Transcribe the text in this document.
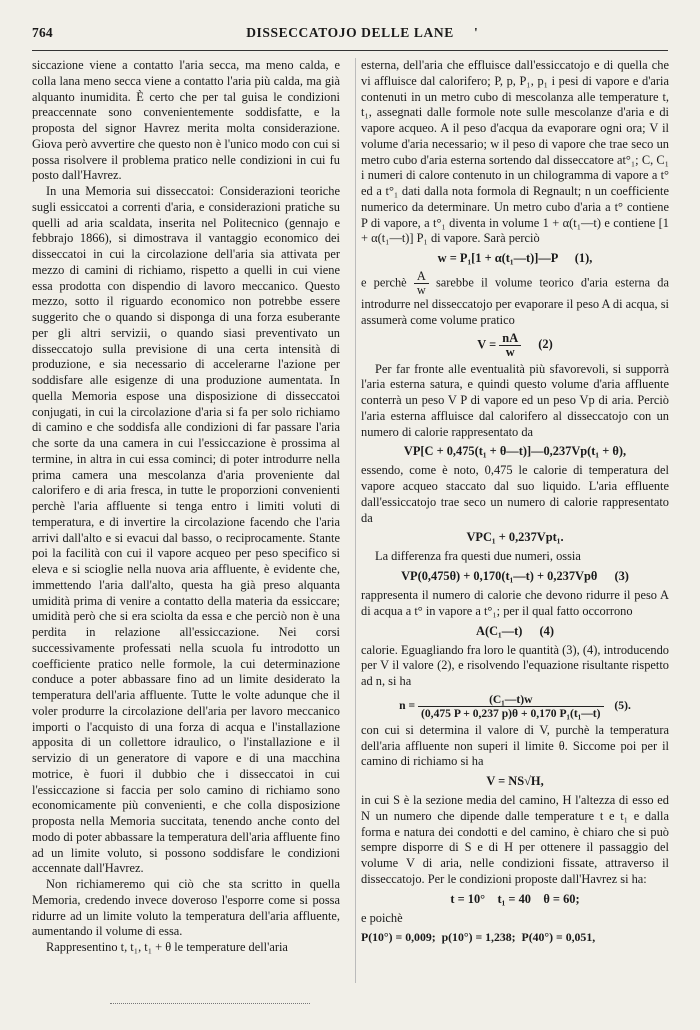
764	DISSECCATOJO DELLE LANE	'

siccazione viene a contatto l'aria secca, ma meno calda, e colla lana meno secca viene a contatto l'aria più calda, ma già alquanto inumidita. È certo che per tal guisa le condizioni preaccennate sono convenientemente soddisfatte, e la proposta del signor Havrez merita molta considerazione. Giova però avvertire che questo non è l'unico modo con cui si possa risolvere il problema pratico nelle condizioni in cui fu posto dall'Havrez.

In una Memoria sui disseccatoi: Considerazioni teoriche sugli essiccatoi a correnti d'aria, e considerazioni pratiche su quelli ad aria scaldata, inserita nel Politecnico (gennajo e febbrajo 1866), si dimostrava il vantaggio economico dei disseccatoi in cui la circolazione dell'aria sia attivata per mezzo di camini di richiamo, rispetto a quelli in cui viene essa prodotta con dispendio di lavoro meccanico. Questo mezzo, sotto il riguardo economico non potrebbe essere suggerito che o quando si disponga di una forza esuberante per gli altri servizii, o quando siasi preventivato un disseccatojo sulla previsione di una certa intensità di produzione, e sia necessario di accelerarne l'azione per soddisfare alle esigenze di una produzione aumentata. In quella Memoria espose una disposizione di disseccatoi conjugati, in cui la circolazione d'aria si fa per solo richiamo di camino e che soddisfa alle condizioni di far passare l'aria che sorte da una camera in cui l'essiccazione è prossima al termine, in altra in cui essa cominci; di poter introdurre nella prima camera una mescolanza d'aria proveniente dal calorifero e di aria fresca, in tutte le proporzioni convenienti perchè l'aria affluente si tenga entro i limiti voluti di temperatura, e di invertire la circolazione facendo che l'aria arrivi dall'alto e si evacui dal basso, o reciprocamente. Stante poi la facilità con cui il vapore acqueo per peso specifico si eleva e si scioglie nella nuova aria affluente, è evidente che, immettendo l'aria dall'alto, questa ha già preso alquanta umidità prima di venire a contatto della materia da essiccare; umidità però che si era sciolta da essa e che perciò non è una perdita in relazione all'essiccazione. Nei corsi successivamente professati nella scuola fu introdotto un coefficiente pratico nelle formole, la cui determinazione conduce a poter abbassare fino ad un limite desiderato la temperatura dell'aria affluente. Tutte le volte adunque che il voler produrre la circolazione dell'aria per lavoro meccanico importi o l'acquisto di una forza di acqua e l'installazione apposita di un collettore idraulico, o l'installazione e il servizio di un generatore di vapore e di una macchina motrice, è fuori il dubbio che i disseccatoi in cui l'essiccazione si faccia per solo camino di richiamo sono economicamente più convenienti, e che colla disposizione proposta nella Memoria succitata, tenendo anche conto del modo di poter abbassare la temperatura dell'aria affluente fino ad un limite voluto, si possono soddisfare le condizioni accennate dall'Havrez.

Non richiameremo qui ciò che sta scritto in quella Memoria, credendo invece doveroso l'esporre come si possa ridurre ad un limite voluto la temperatura dell'aria affluente, aumentando il volume di essa.

Rappresentino t, t₁, t₁ + θ le temperature dell'aria

esterna, dell'aria che effluisce dall'essiccatojo e di quella che vi affluisce dal calorifero; P, p, P₁, p₁ i pesi di vapore e d'aria contenuti in un metro cubo di mescolanza alle temperature t, t₁, assegnati dalle formole note sulle mescolanze d'aria e di vapore acqueo. A il peso d'acqua da evaporare ogni ora; V il volume d'aria necessario; w il peso di vapore che trae seco un metro cubo d'aria esterna sortendo dal disseccatore at°₁; C, C₁ i numeri di calore contenuto in un chilogramma di vapore a t° ed a t°₁ dati dalla nota formola di Regnault; n un coefficiente numerico da determinare. Un metro cubo d'aria a t° contiene P di vapore, a t°₁ diventa in volume 1 + α(t₁—t) e contiene [1 + α(t₁—t)] P₁ di vapore. Sarà perciò

w = P₁[1 + α(t₁—t)]—P (1),

e perchè $\frac{A}{w}$ sarebbe il volume teorico d'aria esterna da introdurre nel disseccatojo per evaporare il peso A di acqua, si assumerà come volume pratico

$V = \frac{nA}{w} (2)$

Per far fronte alle eventualità più sfavorevoli, si supporrà l'aria esterna satura, e quindi questo volume d'aria affluente conterrà un peso V P di vapore ed un peso Vp di aria. Perciò l'aria esterna affluisce dal calorifero al disseccatojo con un numero di calorie rappresentato da

VP[C + 0,475(t₁ + θ—t)]—0,237Vp(t₁ + θ),

essendo, come è noto, 0,475 le calorie di temperatura del vapore acqueo staccato dal suo liquido. L'aria effluente dall'essiccatojo trae seco un numero di calorie rappresentato da

VPC₁ + 0,237Vpt₁.

La differenza fra questi due numeri, ossia

VP(0,475θ) + 0,170(t₁—t) + 0,237Vpθ (3)

rappresenta il numero di calorie che devono ridurre il peso A di acqua a t° in vapore a t°₁; per il qual fatto occorrono

A(C₁—t) (4)

calorie. Eguagliando fra loro le quantità (3), (4), introducendo per V il valore (2), e risolvendo l'equazione risultante rispetto ad n, si ha

$n = \frac{\text{(C₁—t)w}}{\text{(0,475 P + 0,237 p)θ + 0,170 P₁(t₁—t)}} (5)$.

con cui si determina il valore di V, purchè la temperatura dell'aria affluente non superi il limite θ. Siccome poi per il camino di richiamo si ha

V = NS√H,

in cui S è la sezione media del camino, H l'altezza di esso ed N un numero che dipende dalle temperature t e t₁ e dalla forma e natura dei condotti e del camino, è chiaro che si può sempre disporre di S e di H per ottenere il passaggio del volume V di aria, nelle condizioni fissate, attraverso il disseccatojo. Per le condizioni proposte dall'Havrez si ha:

t = 10°    t₁ = 40    θ = 60;

e poichè

P(10°) = 0,009;  p(10°) = 1,238;  P(40°) = 0,051,
